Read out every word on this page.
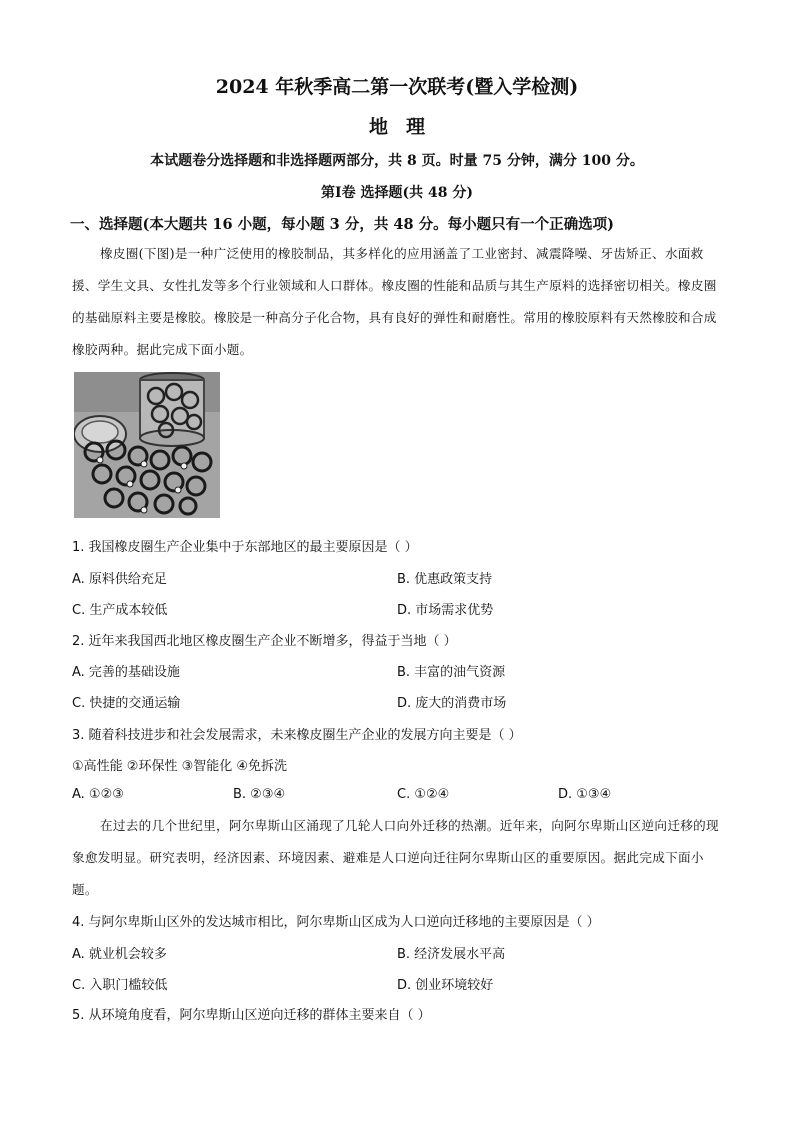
2024 年秋季高二第一次联考(暨入学检测)
地理
本试题卷分选择题和非选择题两部分，共 8 页。时量 75 分钟，满分 100 分。
第Ⅰ卷 选择题(共 48 分)
一、选择题(本大题共 16 小题，每小题 3 分，共 48 分。每小题只有一个正确选项)
橡皮圈(下图)是一种广泛使用的橡胶制品，其多样化的应用涵盖了工业密封、减震降噪、牙齿矫正、水面救援、学生文具、女性扎发等多个行业领域和人口群体。橡皮圈的性能和品质与其生产原料的选择密切相关。橡皮圈的基础原料主要是橡胶。橡胶是一种高分子化合物，具有良好的弹性和耐磨性。常用的橡胶原料有天然橡胶和合成橡胶两种。据此完成下面小题。
1. 我国橡皮圈生产企业集中于东部地区的最主要原因是（ ）
A. 原料供给充足	B. 优惠政策支持
C. 生产成本较低	D. 市场需求优势
2. 近年来我国西北地区橡皮圈生产企业不断增多，得益于当地（ ）
A. 完善的基础设施	B. 丰富的油气资源
C. 快捷的交通运输	D. 庞大的消费市场
3. 随着科技进步和社会发展需求，未来橡皮圈生产企业的发展方向主要是（ ）
①高性能 ②环保性 ③智能化 ④免拆洗
A. ①②③	B. ②③④	C. ①②④	D. ①③④
在过去的几个世纪里，阿尔卑斯山区涌现了几轮人口向外迁移的热潮。近年来，向阿尔卑斯山区逆向迁移的现象愈发明显。研究表明，经济因素、环境因素、避难是人口逆向迁往阿尔卑斯山区的重要原因。据此完成下面小题。
4. 与阿尔卑斯山区外的发达城市相比，阿尔卑斯山区成为人口逆向迁移地的主要原因是（ ）
A. 就业机会较多	B. 经济发展水平高
C. 入职门槛较低	D. 创业环境较好
5. 从环境角度看，阿尔卑斯山区逆向迁移的群体主要来自（ ）
